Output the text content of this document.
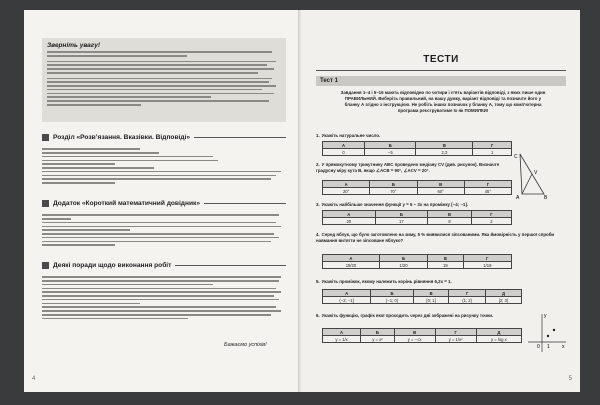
Зверніть увагу!
Розділ «Розв’язання. Вказівки. Відповіді»
Додаток «Короткий математичний довідник»
Деякі поради щодо виконання робіт
Бажаємо успіхів!
4
ТЕСТИ
Тест 1
Завдання 1–4 і 5–16 мають відповідно по чотири і п’ять варіантів відповіді, з яких лише один ПРАВИЛЬНИЙ. Виберіть правильний, на вашу думку, варіант відповіді та позначте його у бланку А згідно з інструкцією. Не робіть інших позначок у бланку А, тому що комп’ютерна програма реєструватиме їх як ПОМИЛКИ!
1. Укажіть натуральне число.
А	Б	В	Г
0	−5	2,3	1
2. У прямокутному трикутнику ABC проведено медіану CV (див. рисунок). Визначте градусну міру кута B, якщо ∠ACB = 90°, ∠ACV = 20°.
А	Б	В	Г
20°	70°	60°	45°
C
A	B
V
3. Укажіть найбільше значення функції y = 5 − 3x на проміжку [−4; −1].
А	Б	В	Г
20	17	8	2
4. Серед яблук, що було заготовлено на зиму, 5 % виявилися зіпсованими. Яка ймовірність у першої спроби навмання витягти не зіпсоване яблуко?
А	Б	В	Г
19/20	1/20	19	1/19
5. Укажіть проміжок, якому належить корінь рівняння 6,2x = 1.
А	Б	В	Г	Д
(−2; −1]	(−1; 0)	[0; 1]	(1; 2)	[2; 3)
6. Укажіть функцію, графік якої проходить через дві зображені на рисунку точки.
А	Б	В	Г	Д
y = 1/x	y = x²	y = −√x	y = 1/x²	y = log x
y
x
0 1
5
